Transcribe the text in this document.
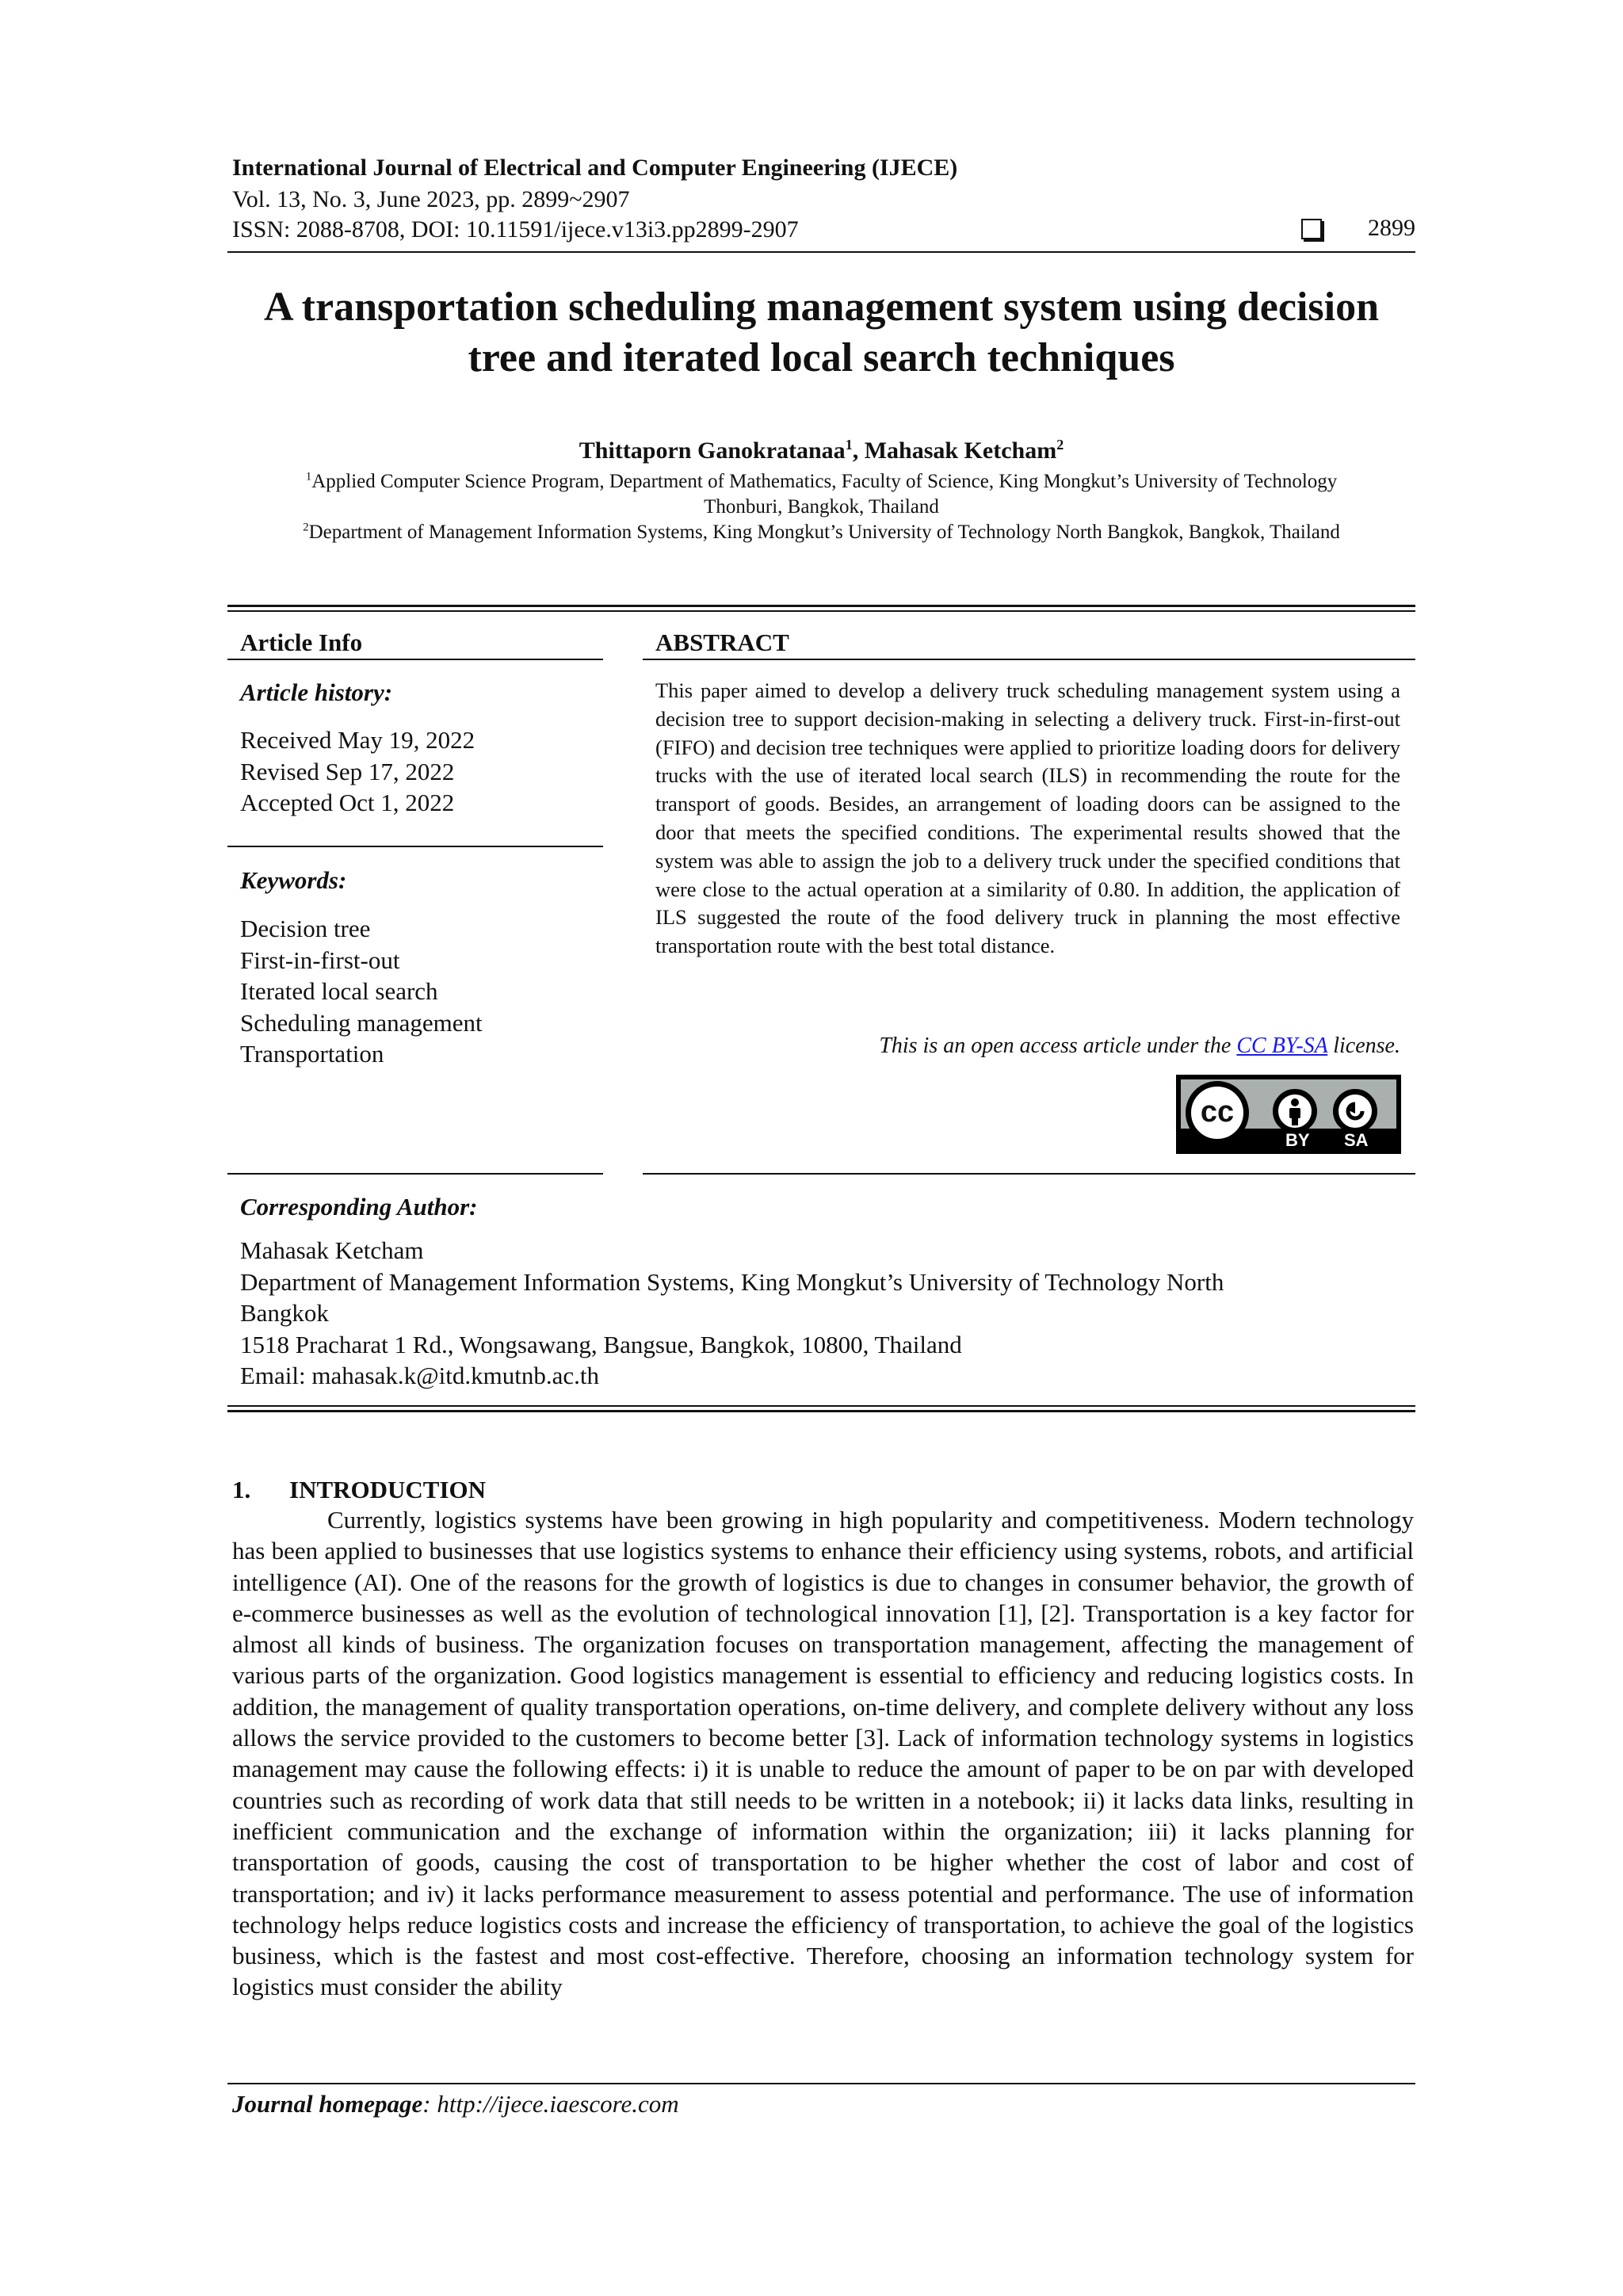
International Journal of Electrical and Computer Engineering (IJECE)
Vol. 13, No. 3, June 2023, pp. 2899~2907
ISSN: 2088-8708, DOI: 10.11591/ijece.v13i3.pp2899-2907	2899
A transportation scheduling management system using decision
tree and iterated local search techniques
Thittaporn Ganokratanaa$^1$, Mahasak Ketcham$^2$
$^1$Applied Computer Science Program, Department of Mathematics, Faculty of Science, King Mongkut’s University of Technology
Thonburi, Bangkok, Thailand
$^2$Department of Management Information Systems, King Mongkut’s University of Technology North Bangkok, Bangkok, Thailand
Article Info
Article history:
Received May 19, 2022
Revised Sep 17, 2022
Accepted Oct 1, 2022
Keywords:
Decision tree
First-in-first-out
Iterated local search
Scheduling management
Transportation
ABSTRACT
This paper aimed to develop a delivery truck scheduling management system using a decision tree to support decision-making in selecting a delivery truck. First-in-first-out (FIFO) and decision tree techniques were applied to prioritize loading doors for delivery trucks with the use of iterated local search (ILS) in recommending the route for the transport of goods. Besides, an arrangement of loading doors can be assigned to the door that meets the specified conditions. The experimental results showed that the system was able to assign the job to a delivery truck under the specified conditions that were close to the actual operation at a similarity of 0.80. In addition, the application of ILS suggested the route of the food delivery truck in planning the most effective transportation route with the best total distance.
This is an open access article under the CC BY-SA license.
cc
BY SA
Corresponding Author:
Mahasak Ketcham
Department of Management Information Systems, King Mongkut’s University of Technology North
Bangkok
1518 Pracharat 1 Rd., Wongsawang, Bangsue, Bangkok, 10800, Thailand
Email: mahasak.k@itd.kmutnb.ac.th
1. INTRODUCTION
Currently, logistics systems have been growing in high popularity and competitiveness. Modern technology has been applied to businesses that use logistics systems to enhance their efficiency using systems, robots, and artificial intelligence (AI). One of the reasons for the growth of logistics is due to changes in consumer behavior, the growth of e-commerce businesses as well as the evolution of technological innovation [1], [2]. Transportation is a key factor for almost all kinds of business. The organization focuses on transportation management, affecting the management of various parts of the organization. Good logistics management is essential to efficiency and reducing logistics costs. In addition, the management of quality transportation operations, on-time delivery, and complete delivery without any loss allows the service provided to the customers to become better [3]. Lack of information technology systems in logistics management may cause the following effects: i) it is unable to reduce the amount of paper to be on par with developed countries such as recording of work data that still needs to be written in a notebook; ii) it lacks data links, resulting in inefficient communication and the exchange of information within the organization; iii) it lacks planning for transportation of goods, causing the cost of transportation to be higher whether the cost of labor and cost of transportation; and iv) it lacks performance measurement to assess potential and performance. The use of information technology helps reduce logistics costs and increase the efficiency of transportation, to achieve the goal of the logistics business, which is the fastest and most cost-effective. Therefore, choosing an information technology system for logistics must consider the ability
Journal homepage: http://ijece.iaescore.com
